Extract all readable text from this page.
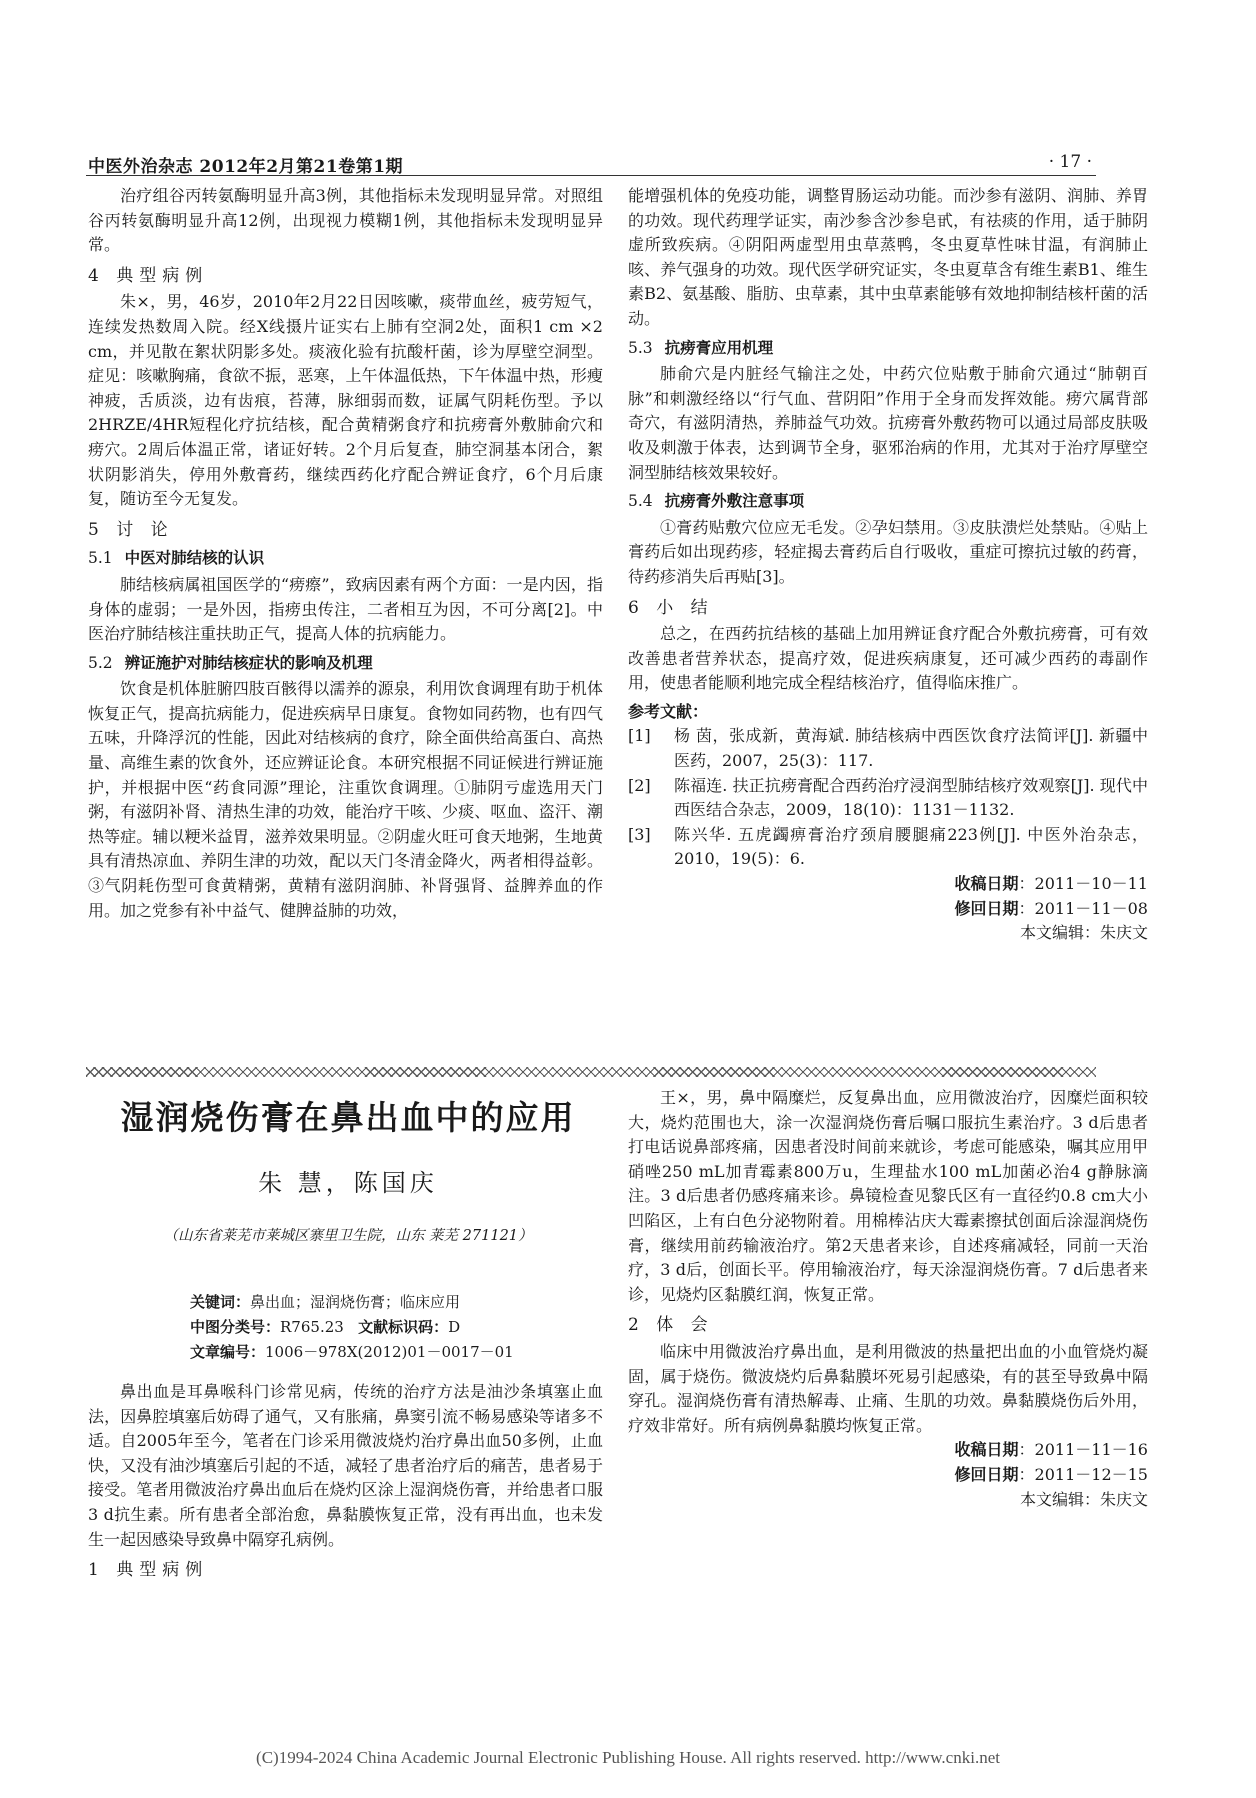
中医外治杂志 2012年2月第21卷第1期	· 17 ·

治疗组谷丙转氨酶明显升高3例，其他指标未发现明显异常。对照组谷丙转氨酶明显升高12例，出现视力模糊1例，其他指标未发现明显异常。

4 典型病例

朱×，男，46岁，2010年2月22日因咳嗽，痰带血丝，疲劳短气，连续发热数周入院。经X线摄片证实右上肺有空洞2处，面积1 cm ×2 cm，并见散在絮状阴影多处。痰液化验有抗酸杆菌，诊为厚壁空洞型。症见：咳嗽胸痛，食欲不振，恶寒，上午体温低热，下午体温中热，形瘦神疲，舌质淡，边有齿痕，苔薄，脉细弱而数，证属气阴耗伤型。予以2HRZE/4HR短程化疗抗结核，配合黄精粥食疗和抗痨膏外敷肺俞穴和痨穴。2周后体温正常，诸证好转。2个月后复查，肺空洞基本闭合，絮状阴影消失，停用外敷膏药，继续西药化疗配合辨证食疗，6个月后康复，随访至今无复发。

5 讨 论
5.1 中医对肺结核的认识

肺结核病属祖国医学的“痨瘵”，致病因素有两个方面：一是内因，指身体的虚弱；一是外因，指痨虫传注，二者相互为因，不可分离[2]。中医治疗肺结核注重扶助正气，提高人体的抗病能力。

5.2 辨证施护对肺结核症状的影响及机理

饮食是机体脏腑四肢百骸得以濡养的源泉，利用饮食调理有助于机体恢复正气，提高抗病能力，促进疾病早日康复。食物如同药物，也有四气五味，升降浮沉的性能，因此对结核病的食疗，除全面供给高蛋白、高热量、高维生素的饮食外，还应辨证论食。本研究根据不同证候进行辨证施护，并根据中医“药食同源”理论，注重饮食调理。①肺阴亏虚选用天门粥，有滋阴补肾、清热生津的功效，能治疗干咳、少痰、呕血、盗汗、潮热等症。辅以粳米益胃，滋养效果明显。②阴虚火旺可食天地粥，生地黄具有清热凉血、养阴生津的功效，配以天门冬清金降火，两者相得益彰。③气阴耗伤型可食黄精粥，黄精有滋阴润肺、补肾强肾、益脾养血的作用。加之党参有补中益气、健脾益肺的功效，

能增强机体的免疫功能，调整胃肠运动功能。而沙参有滋阴、润肺、养胃的功效。现代药理学证实，南沙参含沙参皂甙，有祛痰的作用，适于肺阴虚所致疾病。④阴阳两虚型用虫草蒸鸭，冬虫夏草性味甘温，有润肺止咳、养气强身的功效。现代医学研究证实，冬虫夏草含有维生素B1、维生素B2、氨基酸、脂肪、虫草素，其中虫草素能够有效地抑制结核杆菌的活动。

5.3 抗痨膏应用机理

肺俞穴是内脏经气输注之处，中药穴位贴敷于肺俞穴通过“肺朝百脉”和刺激经络以“行气血、营阴阳”作用于全身而发挥效能。痨穴属背部奇穴，有滋阴清热，养肺益气功效。抗痨膏外敷药物可以通过局部皮肤吸收及刺激于体表，达到调节全身，驱邪治病的作用，尤其对于治疗厚壁空洞型肺结核效果较好。

5.4 抗痨膏外敷注意事项

①膏药贴敷穴位应无毛发。②孕妇禁用。③皮肤溃烂处禁贴。④贴上膏药后如出现药疹，轻症揭去膏药后自行吸收，重症可擦抗过敏的药膏，待药疹消失后再贴[3]。

6 小 结

总之，在西药抗结核的基础上加用辨证食疗配合外敷抗痨膏，可有效改善患者营养状态，提高疗效，促进疾病康复，还可减少西药的毒副作用，使患者能顺利地完成全程结核治疗，值得临床推广。

参考文献：
[1]	杨 茵，张成新，黄海斌. 肺结核病中西医饮食疗法简评[J]. 新疆中医药，2007，25(3)：117.
[2]	陈福连. 扶正抗痨膏配合西药治疗浸润型肺结核疗效观察[J]. 现代中西医结合杂志，2009，18(10)：1131－1132.
[3]	陈兴华. 五虎蠲痹膏治疗颈肩腰腿痛223例[J]. 中医外治杂志，2010，19(5)：6.

收稿日期：2011－10－11

修回日期：2011－11－08

本文编辑：朱庆文

湿润烧伤膏在鼻出血中的应用
朱 慧，陈国庆
（山东省莱芜市莱城区寨里卫生院，山东 莱芜 271121）
关键词：鼻出血；湿润烧伤膏；临床应用
中图分类号：R765.23 文献标识码：D
文章编号：1006－978X(2012)01－0017－01

鼻出血是耳鼻喉科门诊常见病，传统的治疗方法是油沙条填塞止血法，因鼻腔填塞后妨碍了通气，又有胀痛，鼻窦引流不畅易感染等诸多不适。自2005年至今，笔者在门诊采用微波烧灼治疗鼻出血50多例，止血快，又没有油沙填塞后引起的不适，减轻了患者治疗后的痛苦，患者易于接受。笔者用微波治疗鼻出血后在烧灼区涂上湿润烧伤膏，并给患者口服3 d抗生素。所有患者全部治愈，鼻黏膜恢复正常，没有再出血，也未发生一起因感染导致鼻中隔穿孔病例。

1 典型病例

王×，男，鼻中隔糜烂，反复鼻出血，应用微波治疗，因糜烂面积较大，烧灼范围也大，涂一次湿润烧伤膏后嘱口服抗生素治疗。3 d后患者打电话说鼻部疼痛，因患者没时间前来就诊，考虑可能感染，嘱其应用甲硝唑250 mL加青霉素800万u，生理盐水100 mL加菌必治4 g静脉滴注。3 d后患者仍感疼痛来诊。鼻镜检查见黎氏区有一直径约0.8 cm大小凹陷区，上有白色分泌物附着。用棉棒沾庆大霉素擦拭创面后涂湿润烧伤膏，继续用前药输液治疗。第2天患者来诊，自述疼痛减轻，同前一天治疗，3 d后，创面长平。停用输液治疗，每天涂湿润烧伤膏。7 d后患者来诊，见烧灼区黏膜红润，恢复正常。

2 体 会

临床中用微波治疗鼻出血，是利用微波的热量把出血的小血管烧灼凝固，属于烧伤。微波烧灼后鼻黏膜坏死易引起感染，有的甚至导致鼻中隔穿孔。湿润烧伤膏有清热解毒、止痛、生肌的功效。鼻黏膜烧伤后外用，疗效非常好。所有病例鼻黏膜均恢复正常。

收稿日期：2011－11－16

修回日期：2011－12－15

本文编辑：朱庆文

(C)1994-2024 China Academic Journal Electronic Publishing House. All rights reserved. http://www.cnki.net
